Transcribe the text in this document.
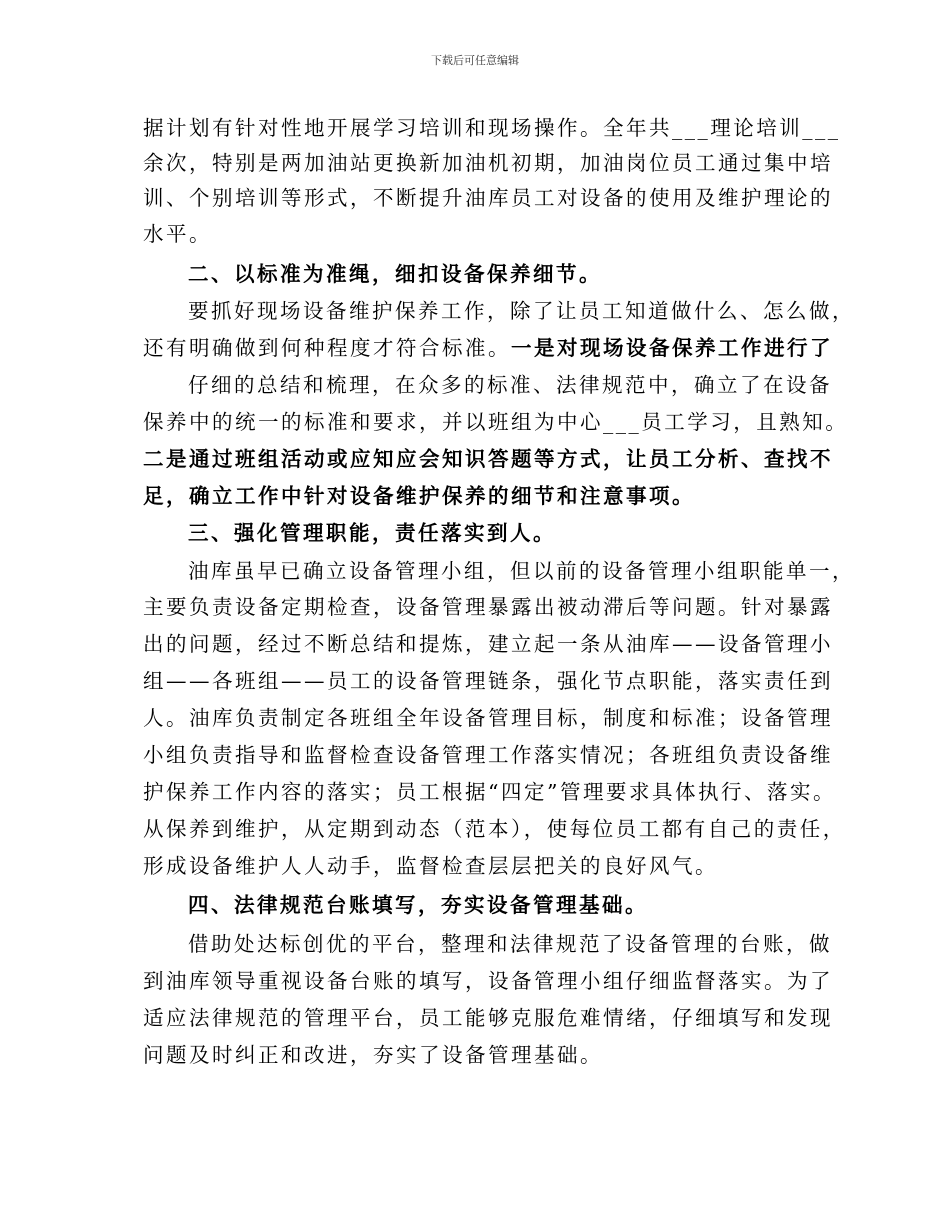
下载后可任意编辑
据计划有针对性地开展学习培训和现场操作。全年共___理论培训___
余次，特别是两加油站更换新加油机初期，加油岗位员工通过集中培
训、个别培训等形式，不断提升油库员工对设备的使用及维护理论的
水平。
二、以标准为准绳，细扣设备保养细节。
要抓好现场设备维护保养工作，除了让员工知道做什么、怎么做，
还有明确做到何种程度才符合标准。一是对现场设备保养工作进行了
仔细的总结和梳理，在众多的标准、法律规范中，确立了在设备
保养中的统一的标准和要求，并以班组为中心___员工学习，且熟知。
二是通过班组活动或应知应会知识答题等方式，让员工分析、查找不
足，确立工作中针对设备维护保养的细节和注意事项。
三、强化管理职能，责任落实到人。
油库虽早已确立设备管理小组，但以前的设备管理小组职能单一，
主要负责设备定期检查，设备管理暴露出被动滞后等问题。针对暴露
出的问题，经过不断总结和提炼，建立起一条从油库——设备管理小
组——各班组——员工的设备管理链条，强化节点职能，落实责任到
人。油库负责制定各班组全年设备管理目标，制度和标准；设备管理
小组负责指导和监督检查设备管理工作落实情况；各班组负责设备维
护保养工作内容的落实；员工根据“四定”管理要求具体执行、落实。
从保养到维护，从定期到动态（范本），使每位员工都有自己的责任，
形成设备维护人人动手，监督检查层层把关的良好风气。
四、法律规范台账填写，夯实设备管理基础。
借助处达标创优的平台，整理和法律规范了设备管理的台账，做
到油库领导重视设备台账的填写，设备管理小组仔细监督落实。为了
适应法律规范的管理平台，员工能够克服危难情绪，仔细填写和发现
问题及时纠正和改进，夯实了设备管理基础。
